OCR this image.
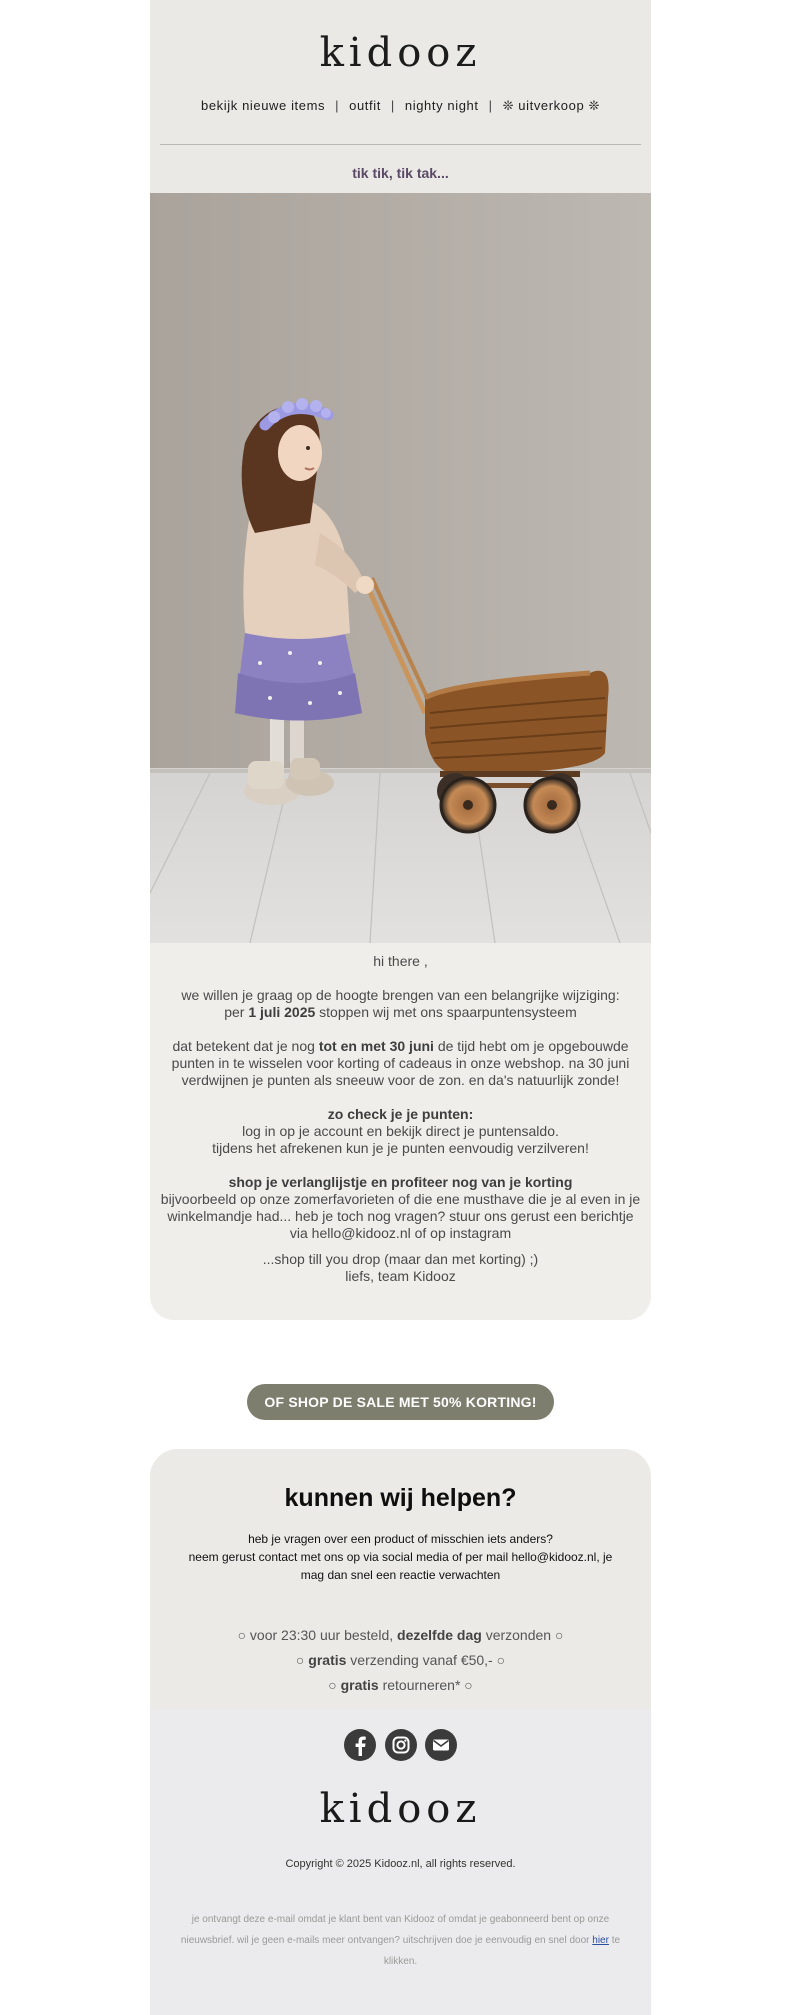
kidooz
bekijk nieuwe items | outfit | nighty night | ❊ uitverkoop ❊
tik tik, tik tak...

hi there ,

we willen je graag op de hoogte brengen van een belangrijke wijziging:
per 1 juli 2025 stoppen wij met ons spaarpuntensysteem

dat betekent dat je nog tot en met 30 juni de tijd hebt om je opgebouwde punten in te wisselen voor korting of cadeaus in onze webshop. na 30 juni verdwijnen je punten als sneeuw voor de zon. en da's natuurlijk zonde!

zo check je je punten:
log in op je account en bekijk direct je puntensaldo.
tijdens het afrekenen kun je je punten eenvoudig verzilveren!

shop je verlanglijstje en profiteer nog van je korting
bijvoorbeeld op onze zomerfavorieten of die ene musthave die je al even in je winkelmandje had... heb je toch nog vragen? stuur ons gerust een berichtje via hello@kidooz.nl of op instagram

...shop till you drop (maar dan met korting) ;)
liefs, team Kidooz

OF SHOP DE SALE MET 50% KORTING!
kunnen wij helpen?
heb je vragen over een product of misschien iets anders?
neem gerust contact met ons op via social media of per mail hello@kidooz.nl, je mag dan snel een reactie verwachten
○ voor 23:30 uur besteld, dezelfde dag verzonden ○
○ gratis verzending vanaf €50,- ○
○ gratis retourneren* ○

kidooz
Copyright © 2025 Kidooz.nl, all rights reserved.
je ontvangt deze e-mail omdat je klant bent van Kidooz of omdat je geabonneerd bent op onze nieuwsbrief. wil je geen e-mails meer ontvangen? uitschrijven doe je eenvoudig en snel door hier te klikken.
